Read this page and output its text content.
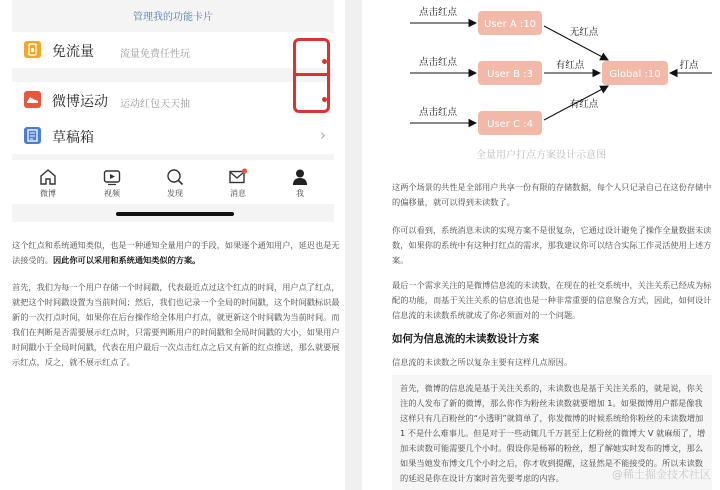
管理我的功能卡片
免流量	流量免费任性玩
微博运动 运动红包天天抽
草稿箱	›
微博	视频	发现	消息	我
这个红点和系统通知类似，也是一种通知全量用户的手段，如果逐个通知用户，延迟也是无法接受的。因此你可以采用和系统通知类似的方案。
首先，我们为每一个用户存储一个时间戳，代表最近点过这个红点的时间，用户点了红点，就把这个时间戳设置为当前时间；然后，我们也记录一个全局的时间戳，这个时间戳标识最新的一次打点时间，如果你在后台操作给全体用户打点，就更新这个时间戳为当前时间。而我们在判断是否需要展示红点时，只需要判断用户的时间戳和全局时间戳的大小，如果用户时间戳小于全局时间戳，代表在用户最后一次点击红点之后又有新的红点推送，那么就要展示红点，反之，就不展示红点了。
User A :10
User B :3
User C :4
Global :10
点击红点
点击红点
点击红点
无红点
有红点
有红点
打点
全量用户打点方案设计示意图
这两个场景的共性是全部用户共享一份有限的存储数据，每个人只记录自己在这份存储中的偏移量，就可以得到未读数了。
你可以看到，系统消息未读的实现方案不是很复杂，它通过设计避免了操作全量数据未读数，如果你的系统中有这种打红点的需求，那我建议你可以结合实际工作灵活使用上述方案。
最后一个需求关注的是微博信息流的未读数，在现在的社交系统中，关注关系已经成为标配的功能，而基于关注关系的信息流也是一种非常重要的信息聚合方式，因此，如何设计信息流的未读数系统就成了你必须面对的一个问题。
如何为信息流的未读数设计方案
信息流的未读数之所以复杂主要有这样几点原因。
首先，微博的信息流是基于关注关系的，未读数也是基于关注关系的，就是说，你关注的人发布了新的微博，那么你作为粉丝未读数就要增加 1。如果微博用户都是像我这样只有几百粉丝的“小透明”就简单了，你发微博的时候系统给你粉丝的未读数增加 1 不是什么难事儿。但是对于一些动辄几千万甚至上亿粉丝的微博大 V 就麻烦了，增加未读数可能需要几个小时。假设你是杨幂的粉丝，想了解她实时发布的博文，那么如果当她发布博文几个小时之后，你才收到提醒，这显然是不能接受的。所以未读数的延迟是你在设计方案时首先要考虑的内容。	@稀土掘金技术社区
